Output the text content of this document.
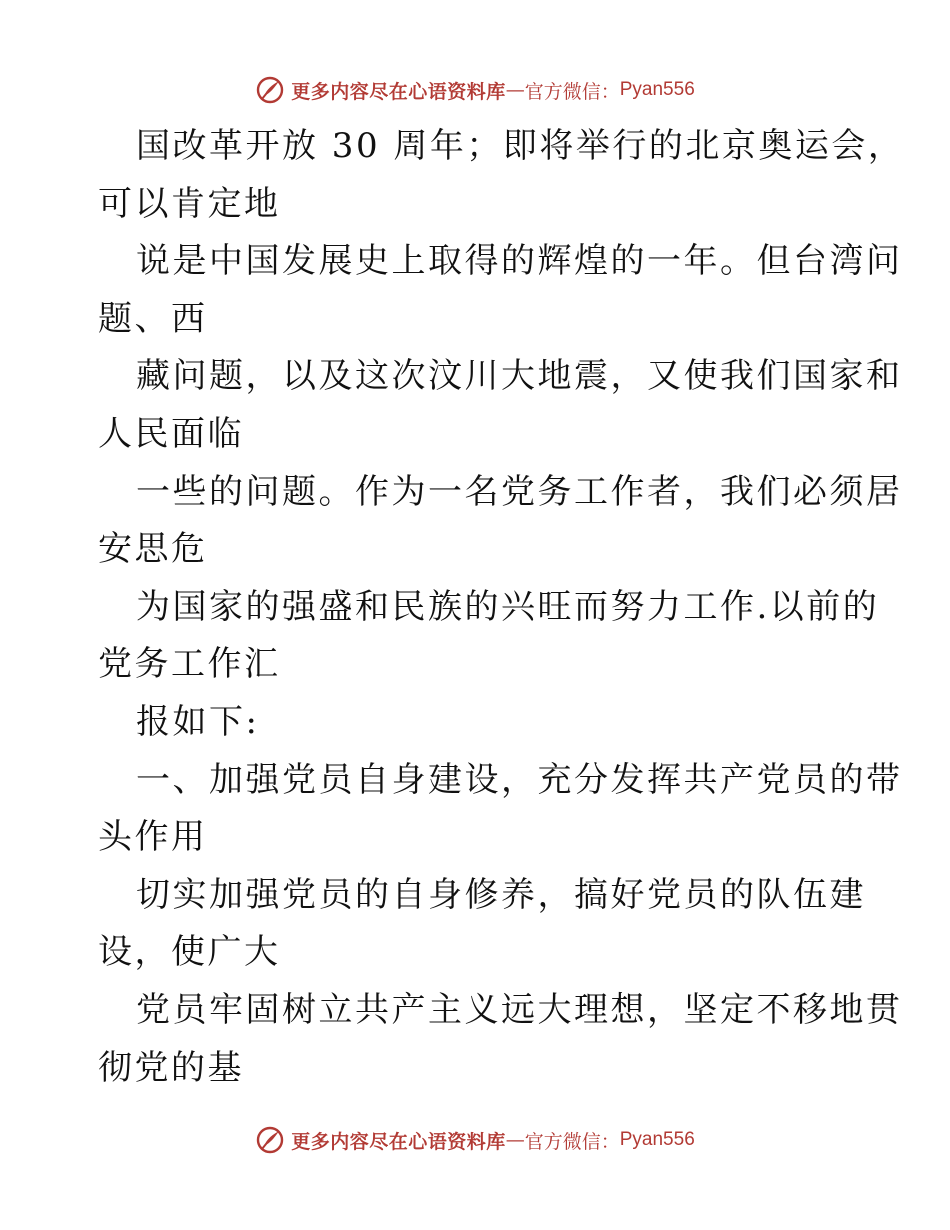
更多内容尽在心语资料库 — 官方微信： Pyan556
国改革开放 30 周年；即将举行的北京奥运会，
可以肯定地
说是中国发展史上取得的辉煌的一年。但台湾问
题、西
藏问题，以及这次汶川大地震，又使我们国家和
人民面临
一些的问题。作为一名党务工作者，我们必须居
安思危
为国家的强盛和民族的兴旺而努力工作.以前的
党务工作汇
报如下:
一、加强党员自身建设，充分发挥共产党员的带
头作用
切实加强党员的自身修养，搞好党员的队伍建
设，使广大
党员牢固树立共产主义远大理想，坚定不移地贯
彻党的基
更多内容尽在心语资料库 — 官方微信： Pyan556
